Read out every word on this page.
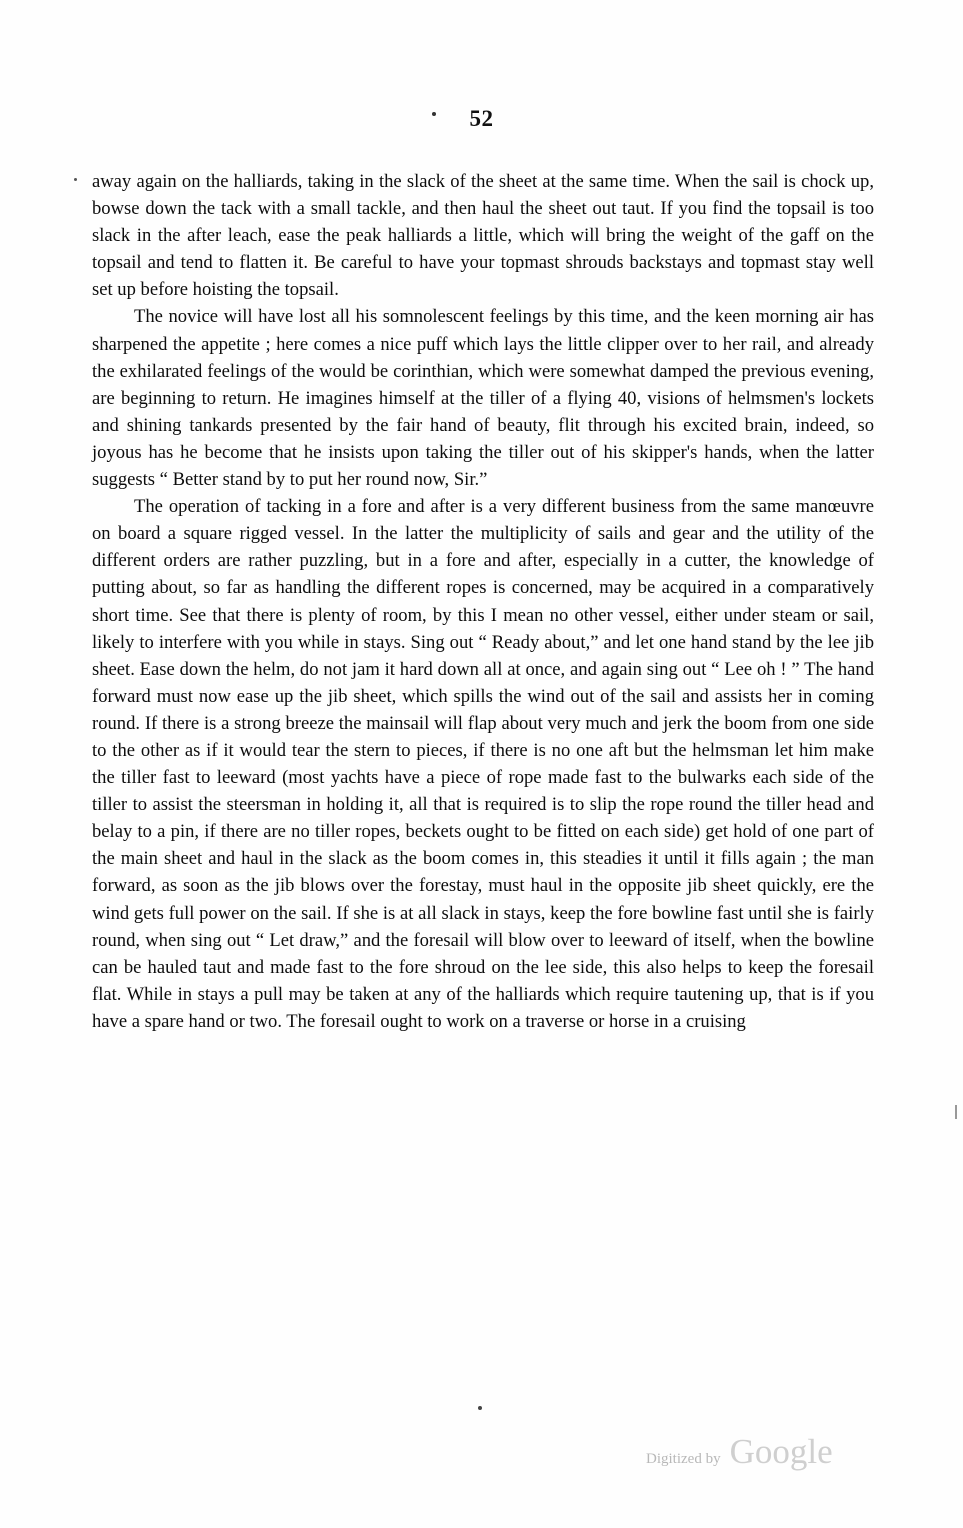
52

away again on the halliards, taking in the slack of the sheet at the same time. When the sail is chock up, bowse down the tack with a small tackle, and then haul the sheet out taut. If you find the topsail is too slack in the after leach, ease the peak halliards a little, which will bring the weight of the gaff on the topsail and tend to flatten it. Be careful to have your topmast shrouds backstays and topmast stay well set up before hoisting the topsail.

The novice will have lost all his somnolescent feelings by this time, and the keen morning air has sharpened the appetite ; here comes a nice puff which lays the little clipper over to her rail, and already the exhilarated feelings of the would be corinthian, which were somewhat damped the previous evening, are beginning to return. He imagines himself at the tiller of a flying 40, visions of helmsmen's lockets and shining tankards presented by the fair hand of beauty, flit through his excited brain, indeed, so joyous has he become that he insists upon taking the tiller out of his skipper's hands, when the latter suggests “ Better stand by to put her round now, Sir.”

The operation of tacking in a fore and after is a very different business from the same manœuvre on board a square rigged vessel. In the latter the multiplicity of sails and gear and the utility of the different orders are rather puzzling, but in a fore and after, especially in a cutter, the knowledge of putting about, so far as handling the different ropes is concerned, may be acquired in a comparatively short time. See that there is plenty of room, by this I mean no other vessel, either under steam or sail, likely to interfere with you while in stays. Sing out “ Ready about,” and let one hand stand by the lee jib sheet. Ease down the helm, do not jam it hard down all at once, and again sing out “ Lee oh ! ” The hand forward must now ease up the jib sheet, which spills the wind out of the sail and assists her in coming round. If there is a strong breeze the mainsail will flap about very much and jerk the boom from one side to the other as if it would tear the stern to pieces, if there is no one aft but the helmsman let him make the tiller fast to leeward (most yachts have a piece of rope made fast to the bulwarks each side of the tiller to assist the steersman in holding it, all that is required is to slip the rope round the tiller head and belay to a pin, if there are no tiller ropes, beckets ought to be fitted on each side) get hold of one part of the main sheet and haul in the slack as the boom comes in, this steadies it until it fills again ; the man forward, as soon as the jib blows over the forestay, must haul in the opposite jib sheet quickly, ere the wind gets full power on the sail. If she is at all slack in stays, keep the fore bowline fast until she is fairly round, when sing out “ Let draw,” and the foresail will blow over to leeward of itself, when the bowline can be hauled taut and made fast to the fore shroud on the lee side, this also helps to keep the foresail flat. While in stays a pull may be taken at any of the halliards which require tautening up, that is if you have a spare hand or two. The foresail ought to work on a traverse or horse in a cruising

Digitized by Google
